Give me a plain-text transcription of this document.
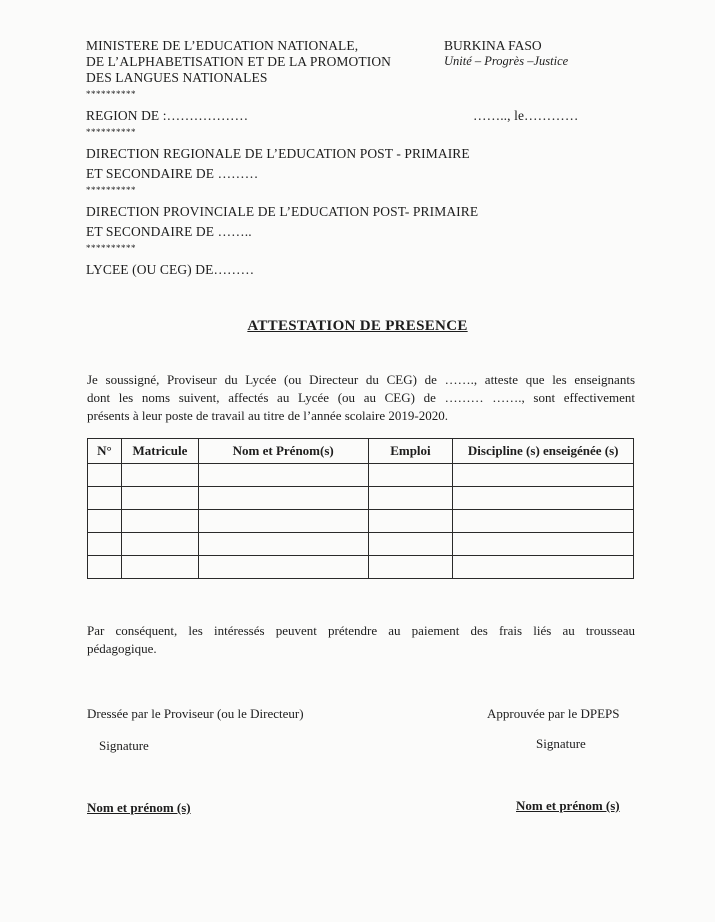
MINISTERE DE L’EDUCATION NATIONALE,
DE L’ALPHABETISATION ET DE LA PROMOTION
DES LANGUES NATIONALES
**********
REGION DE :………………
**********
DIRECTION REGIONALE DE L’EDUCATION POST - PRIMAIRE
ET SECONDAIRE DE ………
**********
DIRECTION PROVINCIALE DE L’EDUCATION POST- PRIMAIRE
ET SECONDAIRE DE ……..
**********
LYCEE (OU CEG) DE………
BURKINA FASO
Unité – Progrès –Justice
…….., le…………
ATTESTATION DE PRESENCE
Je soussigné, Proviseur du Lycée (ou Directeur du CEG) de ……., atteste que les enseignants
dont les noms suivent, affectés au Lycée (ou au CEG) de ……… ……., sont effectivement
présents à leur poste de travail au titre de l’année scolaire 2019-2020.
N°	Matricule	Nom et Prénom(s)	Emploi	Discipline (s) enseigénée (s)

Par conséquent, les intéressés peuvent prétendre au paiement des frais liés au trousseau
pédagogique.
Dressée par le Proviseur (ou le Directeur)
Signature
Nom et prénom (s)
Approuvée par le DPEPS
Signature
Nom et prénom (s)
